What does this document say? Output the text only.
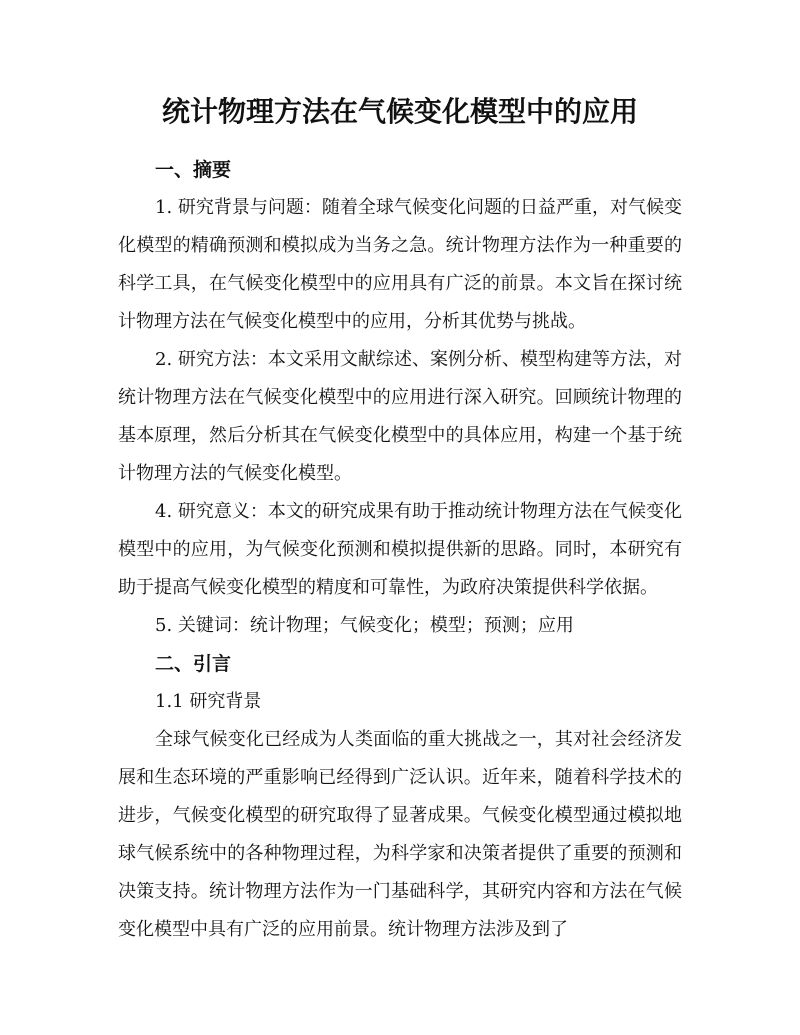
统计物理方法在气候变化模型中的应用
一、摘要

1. 研究背景与问题：随着全球气候变化问题的日益严重，对气候变化模型的精确预测和模拟成为当务之急。统计物理方法作为一种重要的科学工具，在气候变化模型中的应用具有广泛的前景。本文旨在探讨统计物理方法在气候变化模型中的应用，分析其优势与挑战。

2. 研究方法：本文采用文献综述、案例分析、模型构建等方法，对统计物理方法在气候变化模型中的应用进行深入研究。回顾统计物理的基本原理，然后分析其在气候变化模型中的具体应用，构建一个基于统计物理方法的气候变化模型。

4. 研究意义：本文的研究成果有助于推动统计物理方法在气候变化模型中的应用，为气候变化预测和模拟提供新的思路。同时，本研究有助于提高气候变化模型的精度和可靠性，为政府决策提供科学依据。

5. 关键词：统计物理；气候变化；模型；预测；应用

二、引言
1.1 研究背景

全球气候变化已经成为人类面临的重大挑战之一，其对社会经济发展和生态环境的严重影响已经得到广泛认识。近年来，随着科学技术的进步，气候变化模型的研究取得了显著成果。气候变化模型通过模拟地球气候系统中的各种物理过程，为科学家和决策者提供了重要的预测和决策支持。统计物理方法作为一门基础科学，其研究内容和方法在气候变化模型中具有广泛的应用前景。统计物理方法涉及到了
